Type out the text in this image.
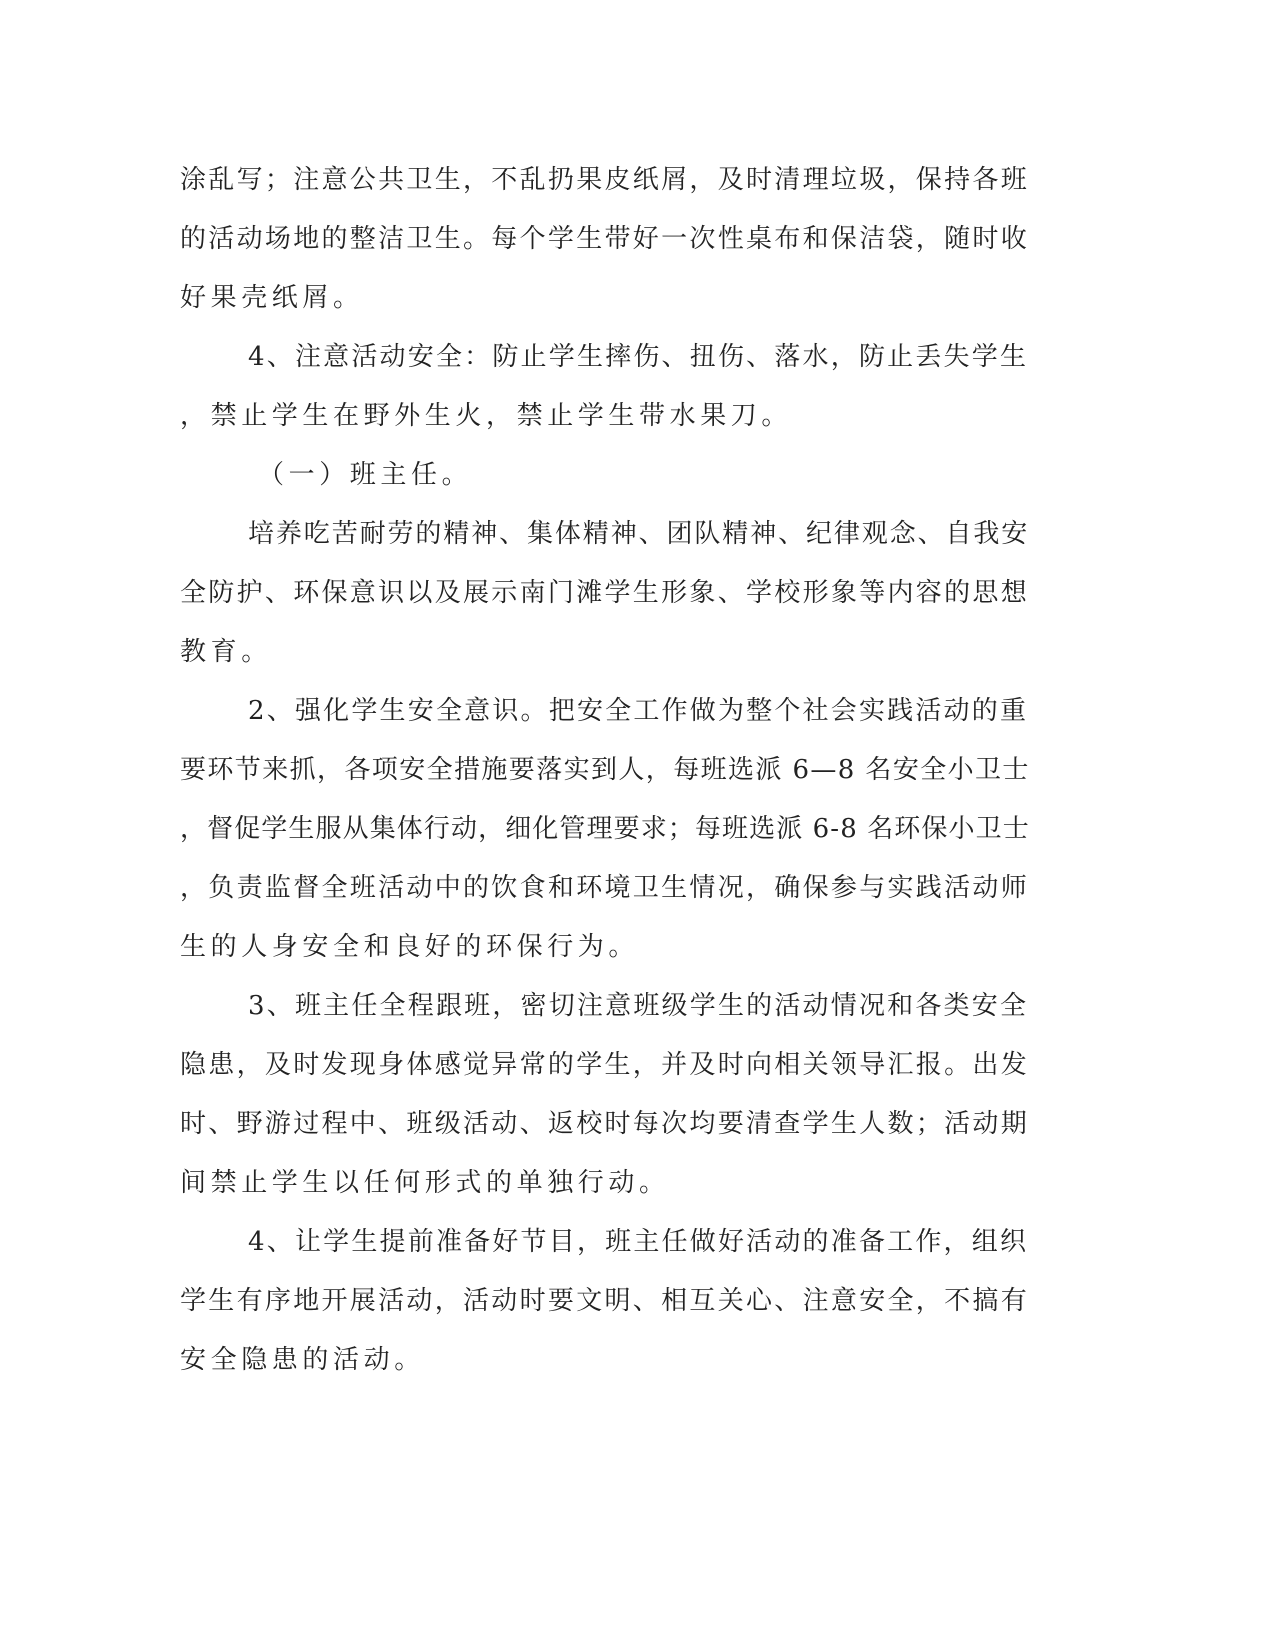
涂乱写；注意公共卫生，不乱扔果皮纸屑，及时清理垃圾，保持各班
的活动场地的整洁卫生。每个学生带好一次性桌布和保洁袋，随时收
好果壳纸屑。
4、注意活动安全：防止学生摔伤、扭伤、落水，防止丢失学生
，禁止学生在野外生火，禁止学生带水果刀。
（一）班主任。
培养吃苦耐劳的精神、集体精神、团队精神、纪律观念、自我安
全防护、环保意识以及展示南门滩学生形象、学校形象等内容的思想
教育。
2、强化学生安全意识。把安全工作做为整个社会实践活动的重
要环节来抓，各项安全措施要落实到人，每班选派 6—8 名安全小卫士
，督促学生服从集体行动，细化管理要求；每班选派 6-8 名环保小卫士
，负责监督全班活动中的饮食和环境卫生情况，确保参与实践活动师
生的人身安全和良好的环保行为。
3、班主任全程跟班，密切注意班级学生的活动情况和各类安全
隐患，及时发现身体感觉异常的学生，并及时向相关领导汇报。出发
时、野游过程中、班级活动、返校时每次均要清查学生人数；活动期
间禁止学生以任何形式的单独行动。
4、让学生提前准备好节目，班主任做好活动的准备工作，组织
学生有序地开展活动，活动时要文明、相互关心、注意安全，不搞有
安全隐患的活动。
